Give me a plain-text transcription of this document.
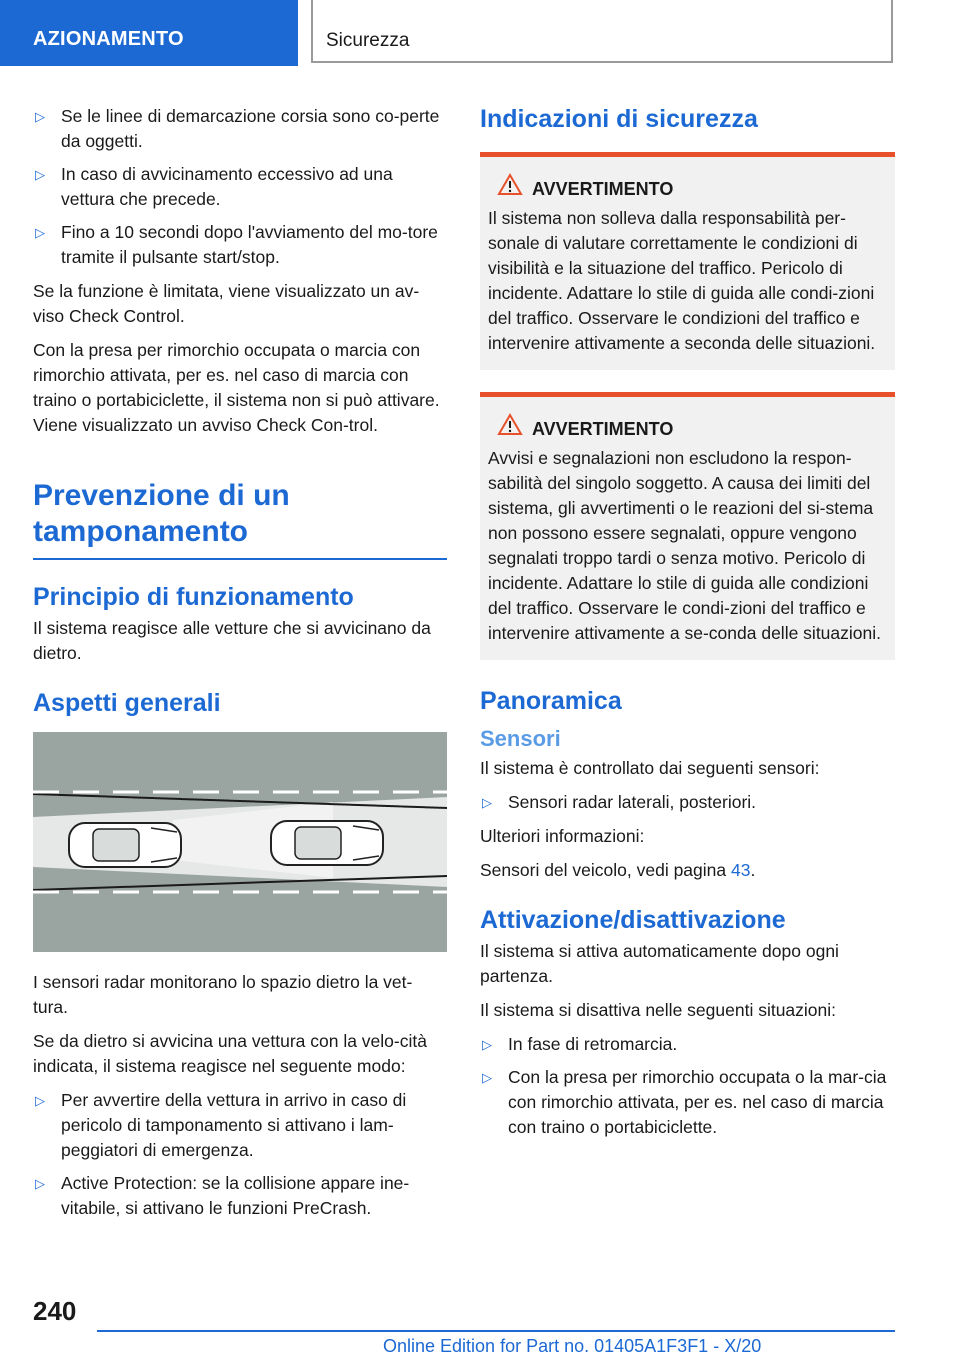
AZIONAMENTO	Sicurezza
▷ Se le linee di demarcazione corsia sono co-perte da oggetti.
▷ In caso di avvicinamento eccessivo ad una vettura che precede.
▷ Fino a 10 secondi dopo l'avviamento del mo-tore tramite il pulsante start/stop.

Se la funzione è limitata, viene visualizzato un av-viso Check Control.

Con la presa per rimorchio occupata o marcia con rimorchio attivata, per es. nel caso di marcia con traino o portabiciclette, il sistema non si può attivare. Viene visualizzato un avviso Check Con-trol.

Prevenzione di un tamponamento
Principio di funzionamento

Il sistema reagisce alle vetture che si avvicinano da dietro.

Aspetti generali

I sensori radar monitorano lo spazio dietro la vet-tura.

Se da dietro si avvicina una vettura con la velo-cità indicata, il sistema reagisce nel seguente modo:

▷ Per avvertire della vettura in arrivo in caso di pericolo di tamponamento si attivano i lam-peggiatori di emergenza.
▷ Active Protection: se la collisione appare ine-vitabile, si attivano le funzioni PreCrash.
Indicazioni di sicurezza
AVVERTIMENTO
Il sistema non solleva dalla responsabilità per-sonale di valutare correttamente le condizioni di visibilità e la situazione del traffico. Pericolo di incidente. Adattare lo stile di guida alle condi-zioni del traffico. Osservare le condizioni del traffico e intervenire attivamente a seconda delle situazioni.
AVVERTIMENTO
Avvisi e segnalazioni non escludono la respon-sabilità del singolo soggetto. A causa dei limiti del sistema, gli avvertimenti o le reazioni del si-stema non possono essere segnalati, oppure vengono segnalati troppo tardi o senza motivo. Pericolo di incidente. Adattare lo stile di guida alle condizioni del traffico. Osservare le condi-zioni del traffico e intervenire attivamente a se-conda delle situazioni.
Panoramica
Sensori

Il sistema è controllato dai seguenti sensori:

▷ Sensori radar laterali, posteriori.

Ulteriori informazioni:

Sensori del veicolo, vedi pagina 43.

Attivazione/disattivazione

Il sistema si attiva automaticamente dopo ogni partenza.

Il sistema si disattiva nelle seguenti situazioni:

▷ In fase di retromarcia.
▷ Con la presa per rimorchio occupata o la mar-cia con rimorchio attivata, per es. nel caso di marcia con traino o portabiciclette.
240
Online Edition for Part no. 01405A1F3F1 - X/20
